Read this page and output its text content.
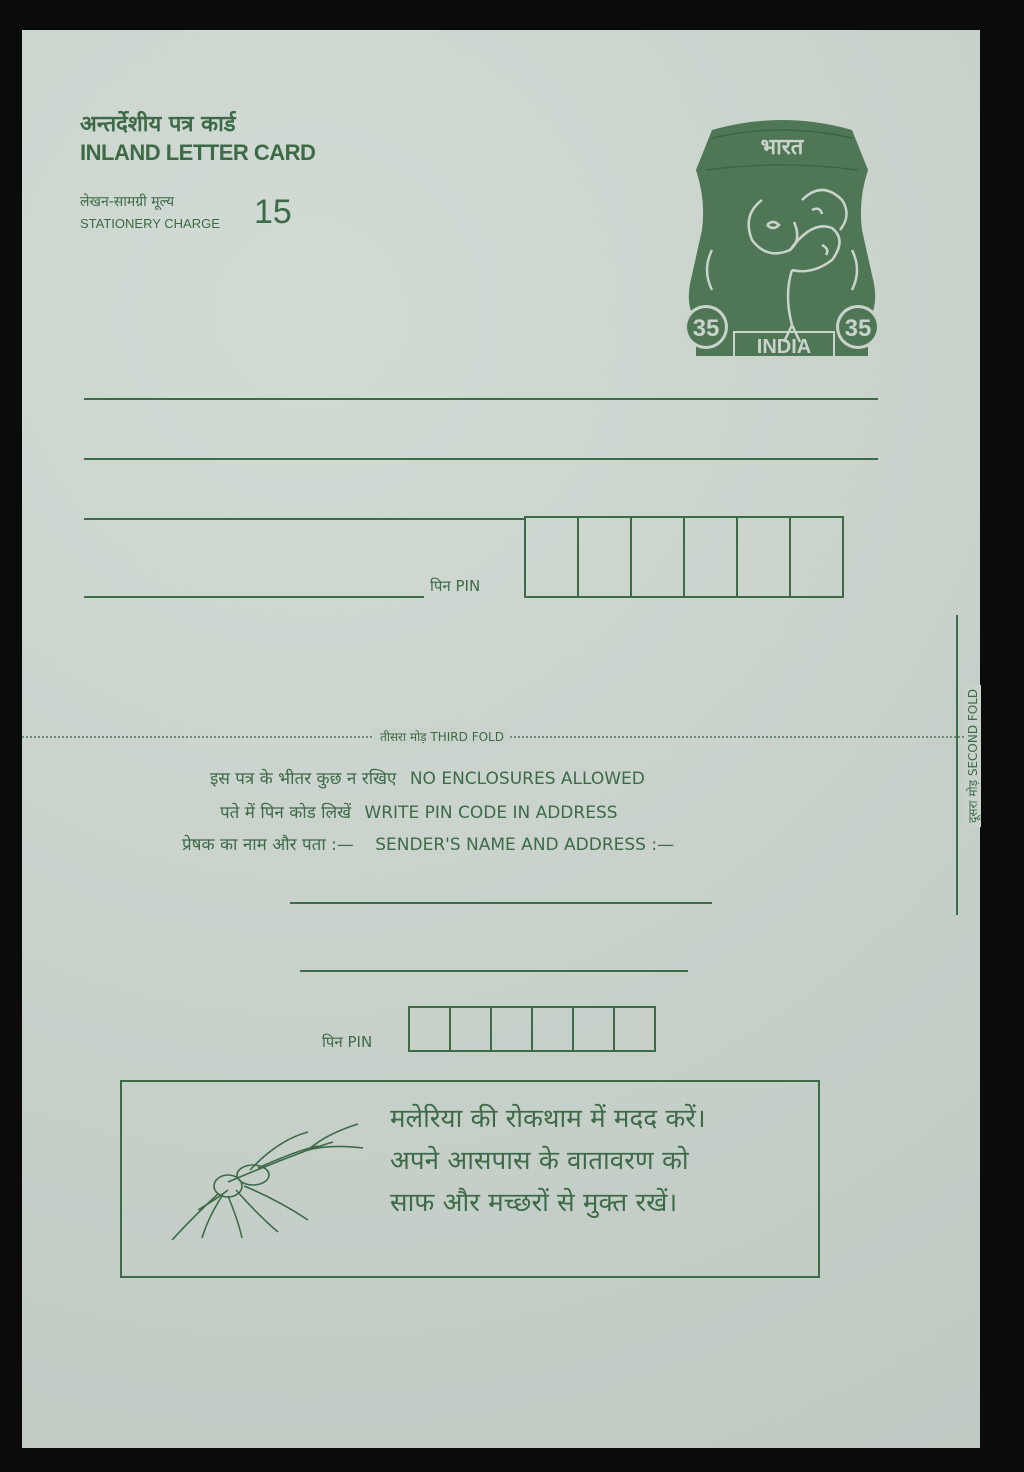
अन्तर्देशीय पत्र कार्ड
INLAND LETTER CARD
लेखन-सामग्री मूल्य
STATIONERY CHARGE 15
भारत
INDIA
35	35
पिन PIN
तीसरा मोड़ THIRD FOLD	दूसरा मोड़ SECOND FOLD
इस पत्र के भीतर कुछ न रखिए NO ENCLOSURES ALLOWED
पते में पिन कोड लिखें WRITE PIN CODE IN ADDRESS
प्रेषक का नाम और पता :— SENDER'S NAME AND ADDRESS :—
पिन PIN
मलेरिया की रोकथाम में मदद करें।
अपने आसपास के वातावरण को
साफ और मच्छरों से मुक्त रखें।
